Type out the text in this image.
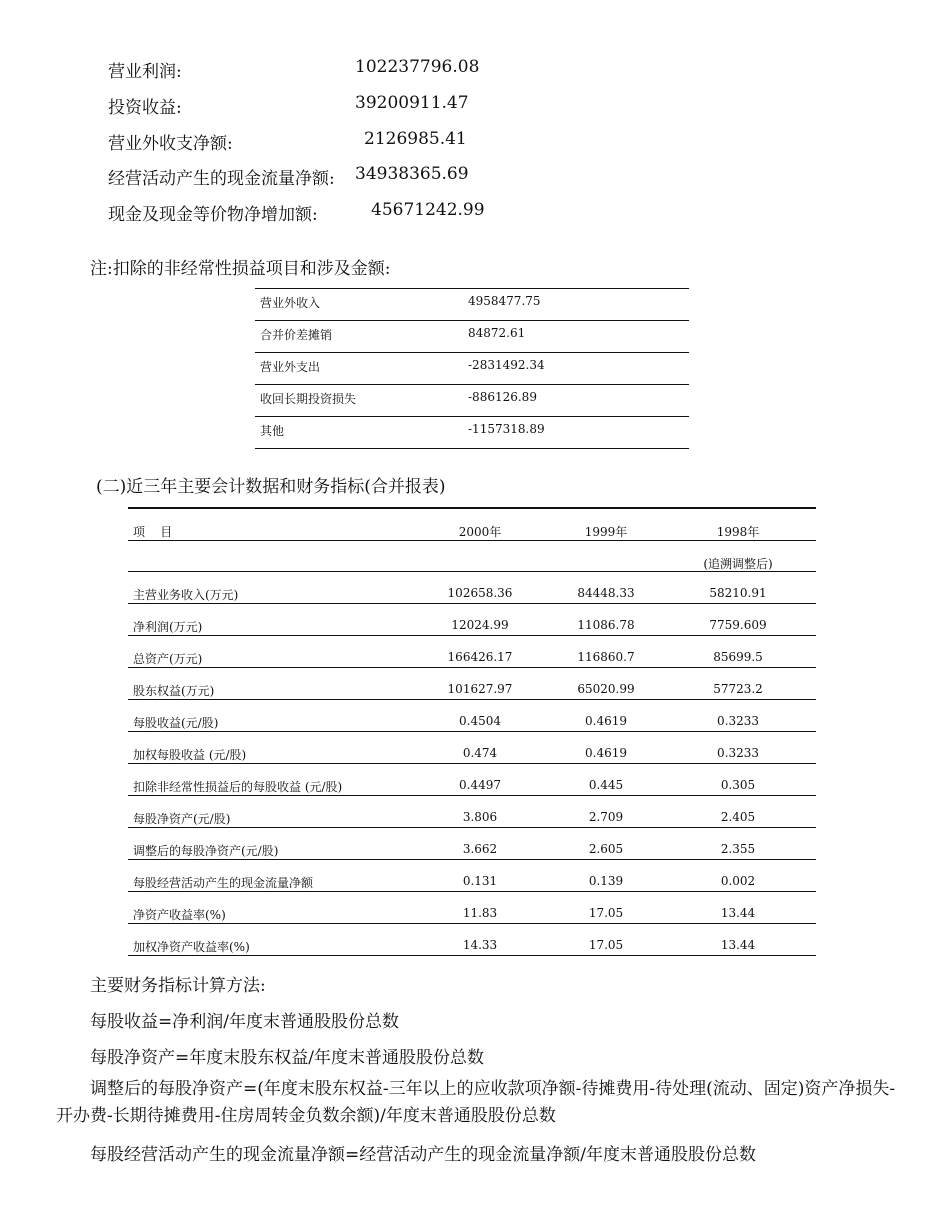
营业利润:	102237796.08
投资收益:	39200911.47
营业外收支净额:	2126985.41
经营活动产生的现金流量净额: 34938365.69
现金及现金等价物净增加额:	45671242.99
注:扣除的非经常性损益项目和涉及金额:
营业外收入	4958477.75
合并价差摊销	84872.61
营业外支出	-2831492.34
收回长期投资损失	-886126.89
其他	-1157318.89
(二)近三年主要会计数据和财务指标(合并报表)
项    目	2000年	1999年	1998年
(追溯调整后)
主营业务收入(万元)	102658.36	84448.33	58210.91
净利润(万元)	12024.99	11086.78	7759.609
总资产(万元)	166426.17	116860.7	85699.5
股东权益(万元)	101627.97	65020.99	57723.2
每股收益(元/股)	0.4504	0.4619	0.3233
加权每股收益 (元/股)	0.474	0.4619	0.3233
扣除非经常性损益后的每股收益 (元/股)	0.4497	0.445	0.305
每股净资产(元/股)	3.806	2.709	2.405
调整后的每股净资产(元/股)	3.662	2.605	2.355
每股经营活动产生的现金流量净额	0.131	0.139	0.002
净资产收益率(%)	11.83	17.05	13.44
加权净资产收益率(%)	14.33	17.05	13.44
主要财务指标计算方法:
每股收益=净利润/年度末普通股股份总数
每股净资产=年度末股东权益/年度末普通股股份总数
调整后的每股净资产=(年度末股东权益-三年以上的应收款项净额-待摊费用-待处理(流动、固定)资产净损失-开办费-长期待摊费用-住房周转金负数余额)/年度末普通股股份总数
每股经营活动产生的现金流量净额=经营活动产生的现金流量净额/年度末普通股股份总数
